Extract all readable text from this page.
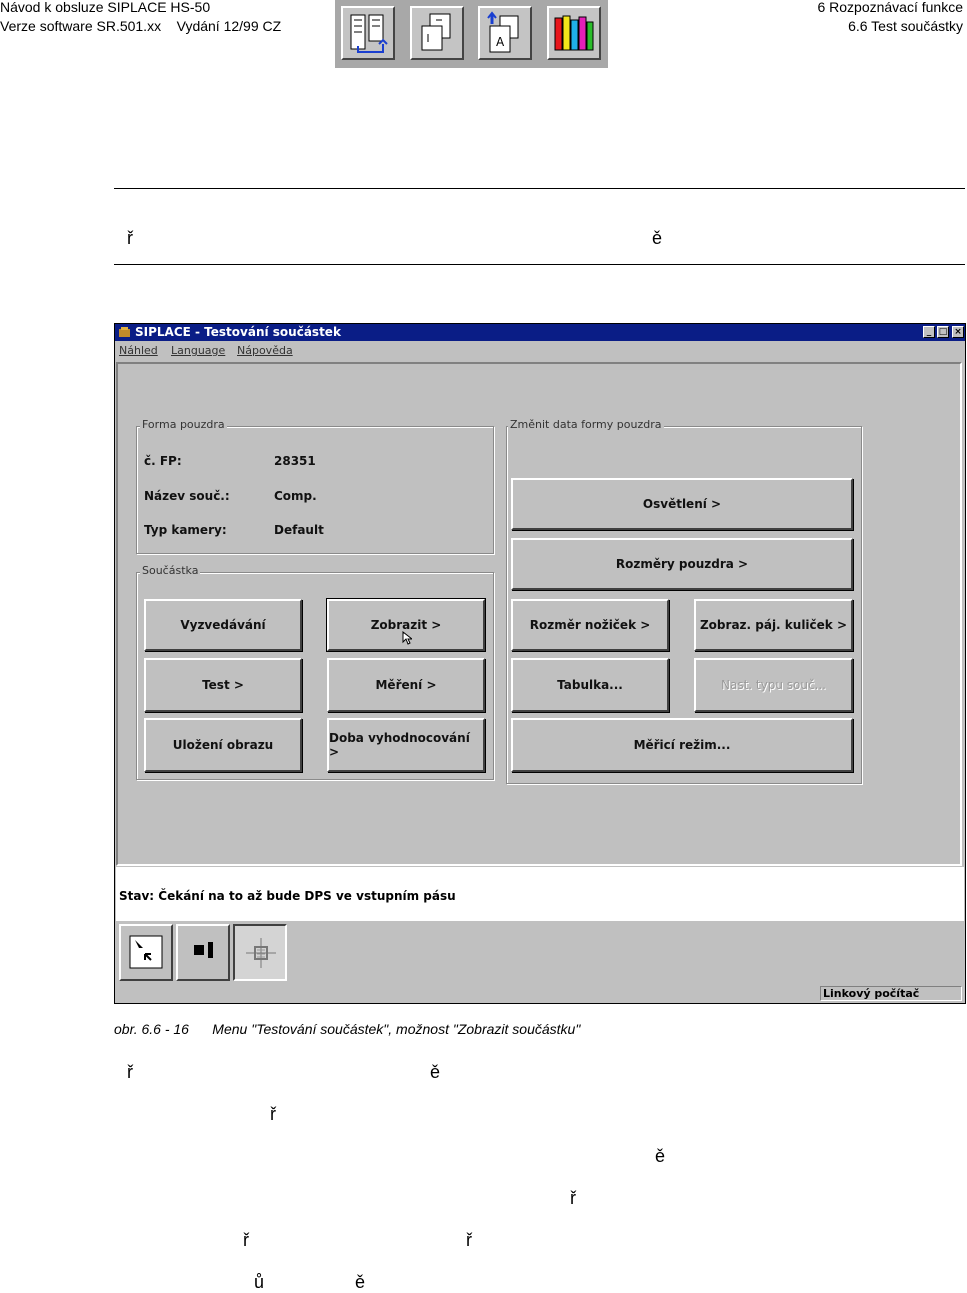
Návod k obsluze SIPLACE HS-50
Verze software SR.501.xx    Vydání 12/99 CZ
6 Rozpoznávací funkce
6.6 Test součástky
A
ř	ě
SIPLACE - Testování součástek	_ □ ×
Náhled Language Nápověda
Forma pouzdra
č. FP:	28351
Název souč.:	Comp.
Typ kamery:	Default
Součástka
Vyzvedávání	Zobrazit >
Test >	Měření >
Uložení obrazu	Doba vyhodnocování >
Změnit data formy pouzdra
Osvětlení >
Rozměry pouzdra >
Rozměr nožiček >	Zobraz. páj. kuliček >
Tabulka...	Nast. typu souč...
Měřicí režim...
Stav: Čekání na to až bude DPS ve vstupním pásu
Linkový počítač
obr. 6.6 - 16      Menu "Testování součástek", možnost "Zobrazit součástku"
ř	ě
ř
ě
ř
ř	ř
ů	ě
